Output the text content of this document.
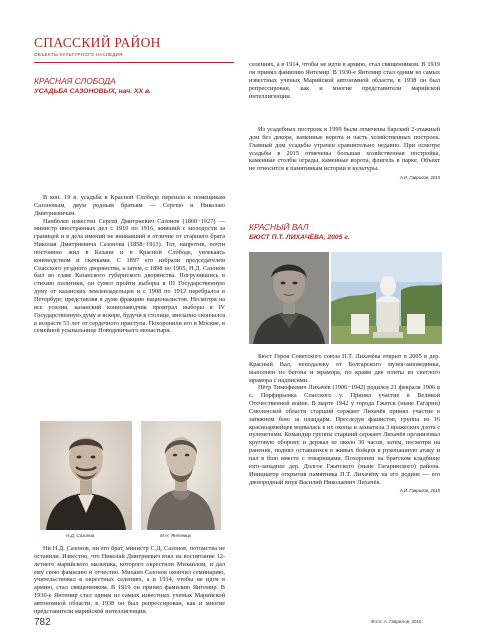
СПАССКИЙ РАЙОН
ОБЪЕКТЫ КУЛЬТУРНОГО НАСЛЕДИЯ
КРАСНАЯ СЛОБОДА
УСАДЬБА САЗОНОВЫХ, нач. XX в.

В кон. 19 в. усадьба в Красной Слободе перешла к помещикам Сазоновым, двум родным братьям — Сергею и Николаю Дмитриевичам.

Наиболее известен Сергей Дмитриевич Сазонов (1860−1927) — министр иностранных дел с 1910 по 1916, живший с молодости за границей и в дела имений не вникавший в отличие от старшего брата Николая Дмитриевича Сазонова (1858−1913). Тот, напротив, почти постоянно жил в Казани и в Красной Слободе, увлекаясь коневодством и скачками. С 1897 его избрали председателем Спасского уездного дворянства, а затем, с 1898 по 1905, Н.Д. Сазонов был во главе Казанского губернского дворянства. Погрузившись в стихию политики, он сумел пройти выборы в III Государственную думу от казанских землевладельцев и с 1908 по 1912 перебрался в Петербург, представляя в думе фракцию националистов. Несмотря на все усилия, казанский коннозаводчик проиграл выборы в IV Государственную думу и вскоре, будучи в столице, внезапно скончался в возрасте 53 лет от сердечного приступа. Похоронили его в Москве, в семейной усыпальнице Новодевичьего монастыря.

Н.Д. Сазонов	М.Н. Янтемир

Ни Н.Д. Сазонов, ни его брат, министр С.Д. Сазонов, потомства не оставили. Известно, что Николай Дмитриевич взял на воспитание 12-летнего марийского мальчика, которого окрестили Михаилом, и дал ему свою фамилию и отчество. Михаил Сазонов окончил семинарию, учительствовал в окрестных селениях, а в 1914, чтобы не идти в армию, стал священником. В 1919 он принял фамилию Янтемир. В 1930-е Янтемир стал одним из самых известных ученых Марийской автономной области, в 1938 он был репрессирован, как и многие представители марийской интеллигенции.

селениях, а в 1914, чтобы не идти в армию, стал священником. В 1919 он принял фамилию Янтемир. В 1930-е Янтемир стал одним из самых известных ученых Марийской автономной области, в 1938 он был репрессирован, как и многие представители марийской интеллигенции.

Из усадебных построек в 1999 были отмечены барский 2-этажный дом без декора, каменные ворота и часть хозяйственных построек. Главный дом усадьбы утрачен сравнительно недавно. При осмотре усадьбы в 2015 отмечены большая хозяйственная постройка, каменные столбы ограды, каменные ворота, флигель в парке. Объект не относится к памятникам истории и культуры.

А.И. Гаврилов, 2015
КРАСНЫЙ ВАЛ
БЮСТ П.Т. ЛИХАЧЁВА, 2005 г.

Бюст Героя Советского союза П.Т. Лихачёва открыт в 2005 в дер. Красный Вал, неподалеку от Болгарского музея-заповедника, выполнен из бетона и мрамора, по краям две плиты из светлого мрамора с надписями.

Пётр Тимофеевич Лихачёв (1906−1942) родился 21 февраля 1906 в с. Порфирьевка Спасского у. Принял участие в Великой Отечественной войне. В марте 1942 у города Гжатск (ныне Гагарин) Смоленской области старший сержант Лихачёв принял участие в затяжном бою за плацдарм. Преследуя фашистов, группа из 16 красноармейцев ворвалась в их окопы и захватила 3 вражеских дзота с пулеметами. Командир группы старший сержант Лихачёв организовал круговую оборону и держал ее около 30 часов, затем, несмотря на ранение, поднял оставшихся в живых бойцов в рукопашную атаку и пал в бою вместе с товарищами. Похоронен на братском кладбище юго-западнее дер. Долгое Гжатского (ныне Гагаринского) района. Инициатор открытия памятника П.Т. Лихачёву на его родине — его двоюродный внук Василий Николаевич Лихачёв.

А.И. Гаврилов, 2015
782	Фото: А. Гаврилов, 2015
